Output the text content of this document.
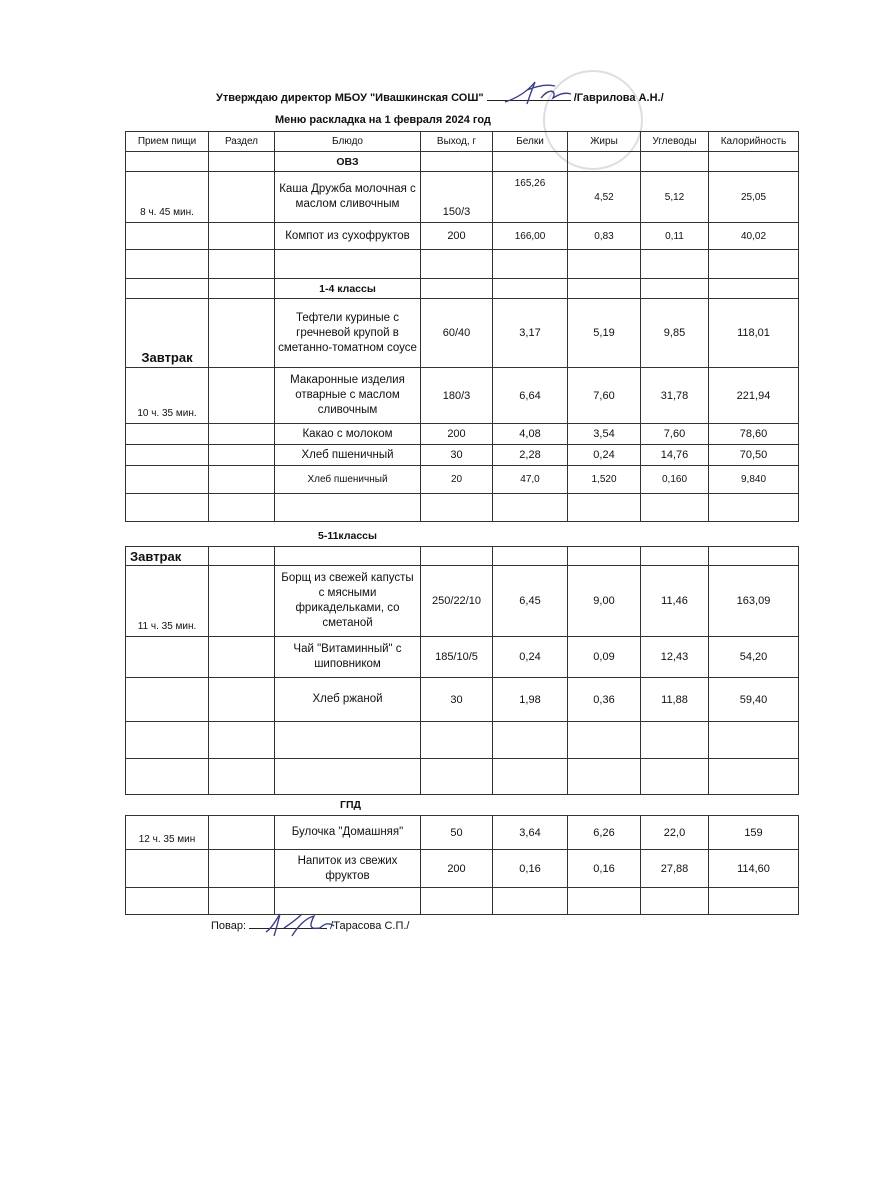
Утверждаю директор МБОУ "Ивашкинская СОШ"	/Гаврилова А.Н./
Меню раскладка на 1 февраля 2024 год
Прием пищи	Раздел	Блюдо	Выход, г	Белки	Жиры	Углеводы	Калорийность
		ОВЗ					
8 ч. 45 мин.		Каша Дружба молочная с маслом сливочным	150/3	165,26	4,52	5,12	25,05
		Компот из сухофруктов	200	166,00	0,83	0,11	40,02

		1-4 классы					
Завтрак		Тефтели куриные с гречневой крупой в сметанно-томатном соусе	60/40	3,17	5,19	9,85	118,01
10 ч. 35 мин.		Макаронные изделия отварные с маслом сливочным	180/3	6,64	7,60	31,78	221,94
		Какао с молоком	200	4,08	3,54	7,60	78,60
		Хлеб пшеничный	30	2,28	0,24	14,76	70,50
		Хлеб пшеничный	20	47,0	1,520	0,160	9,840

5-11классы
Завтрак							
11 ч. 35 мин.		Борщ из свежей капусты с мясными фрикадельками, со сметаной	250/22/10	6,45	9,00	11,46	163,09
		Чай "Витаминный" с шиповником	185/10/5	0,24	0,09	12,43	54,20
		Хлеб ржаной	30	1,98	0,36	11,88	59,40

ГПД
12 ч. 35 мин		Булочка "Домашняя"	50	3,64	6,26	22,0	159
		Напиток из свежих фруктов	200	0,16	0,16	27,88	114,60

Повар:	/Тарасова С.П./
